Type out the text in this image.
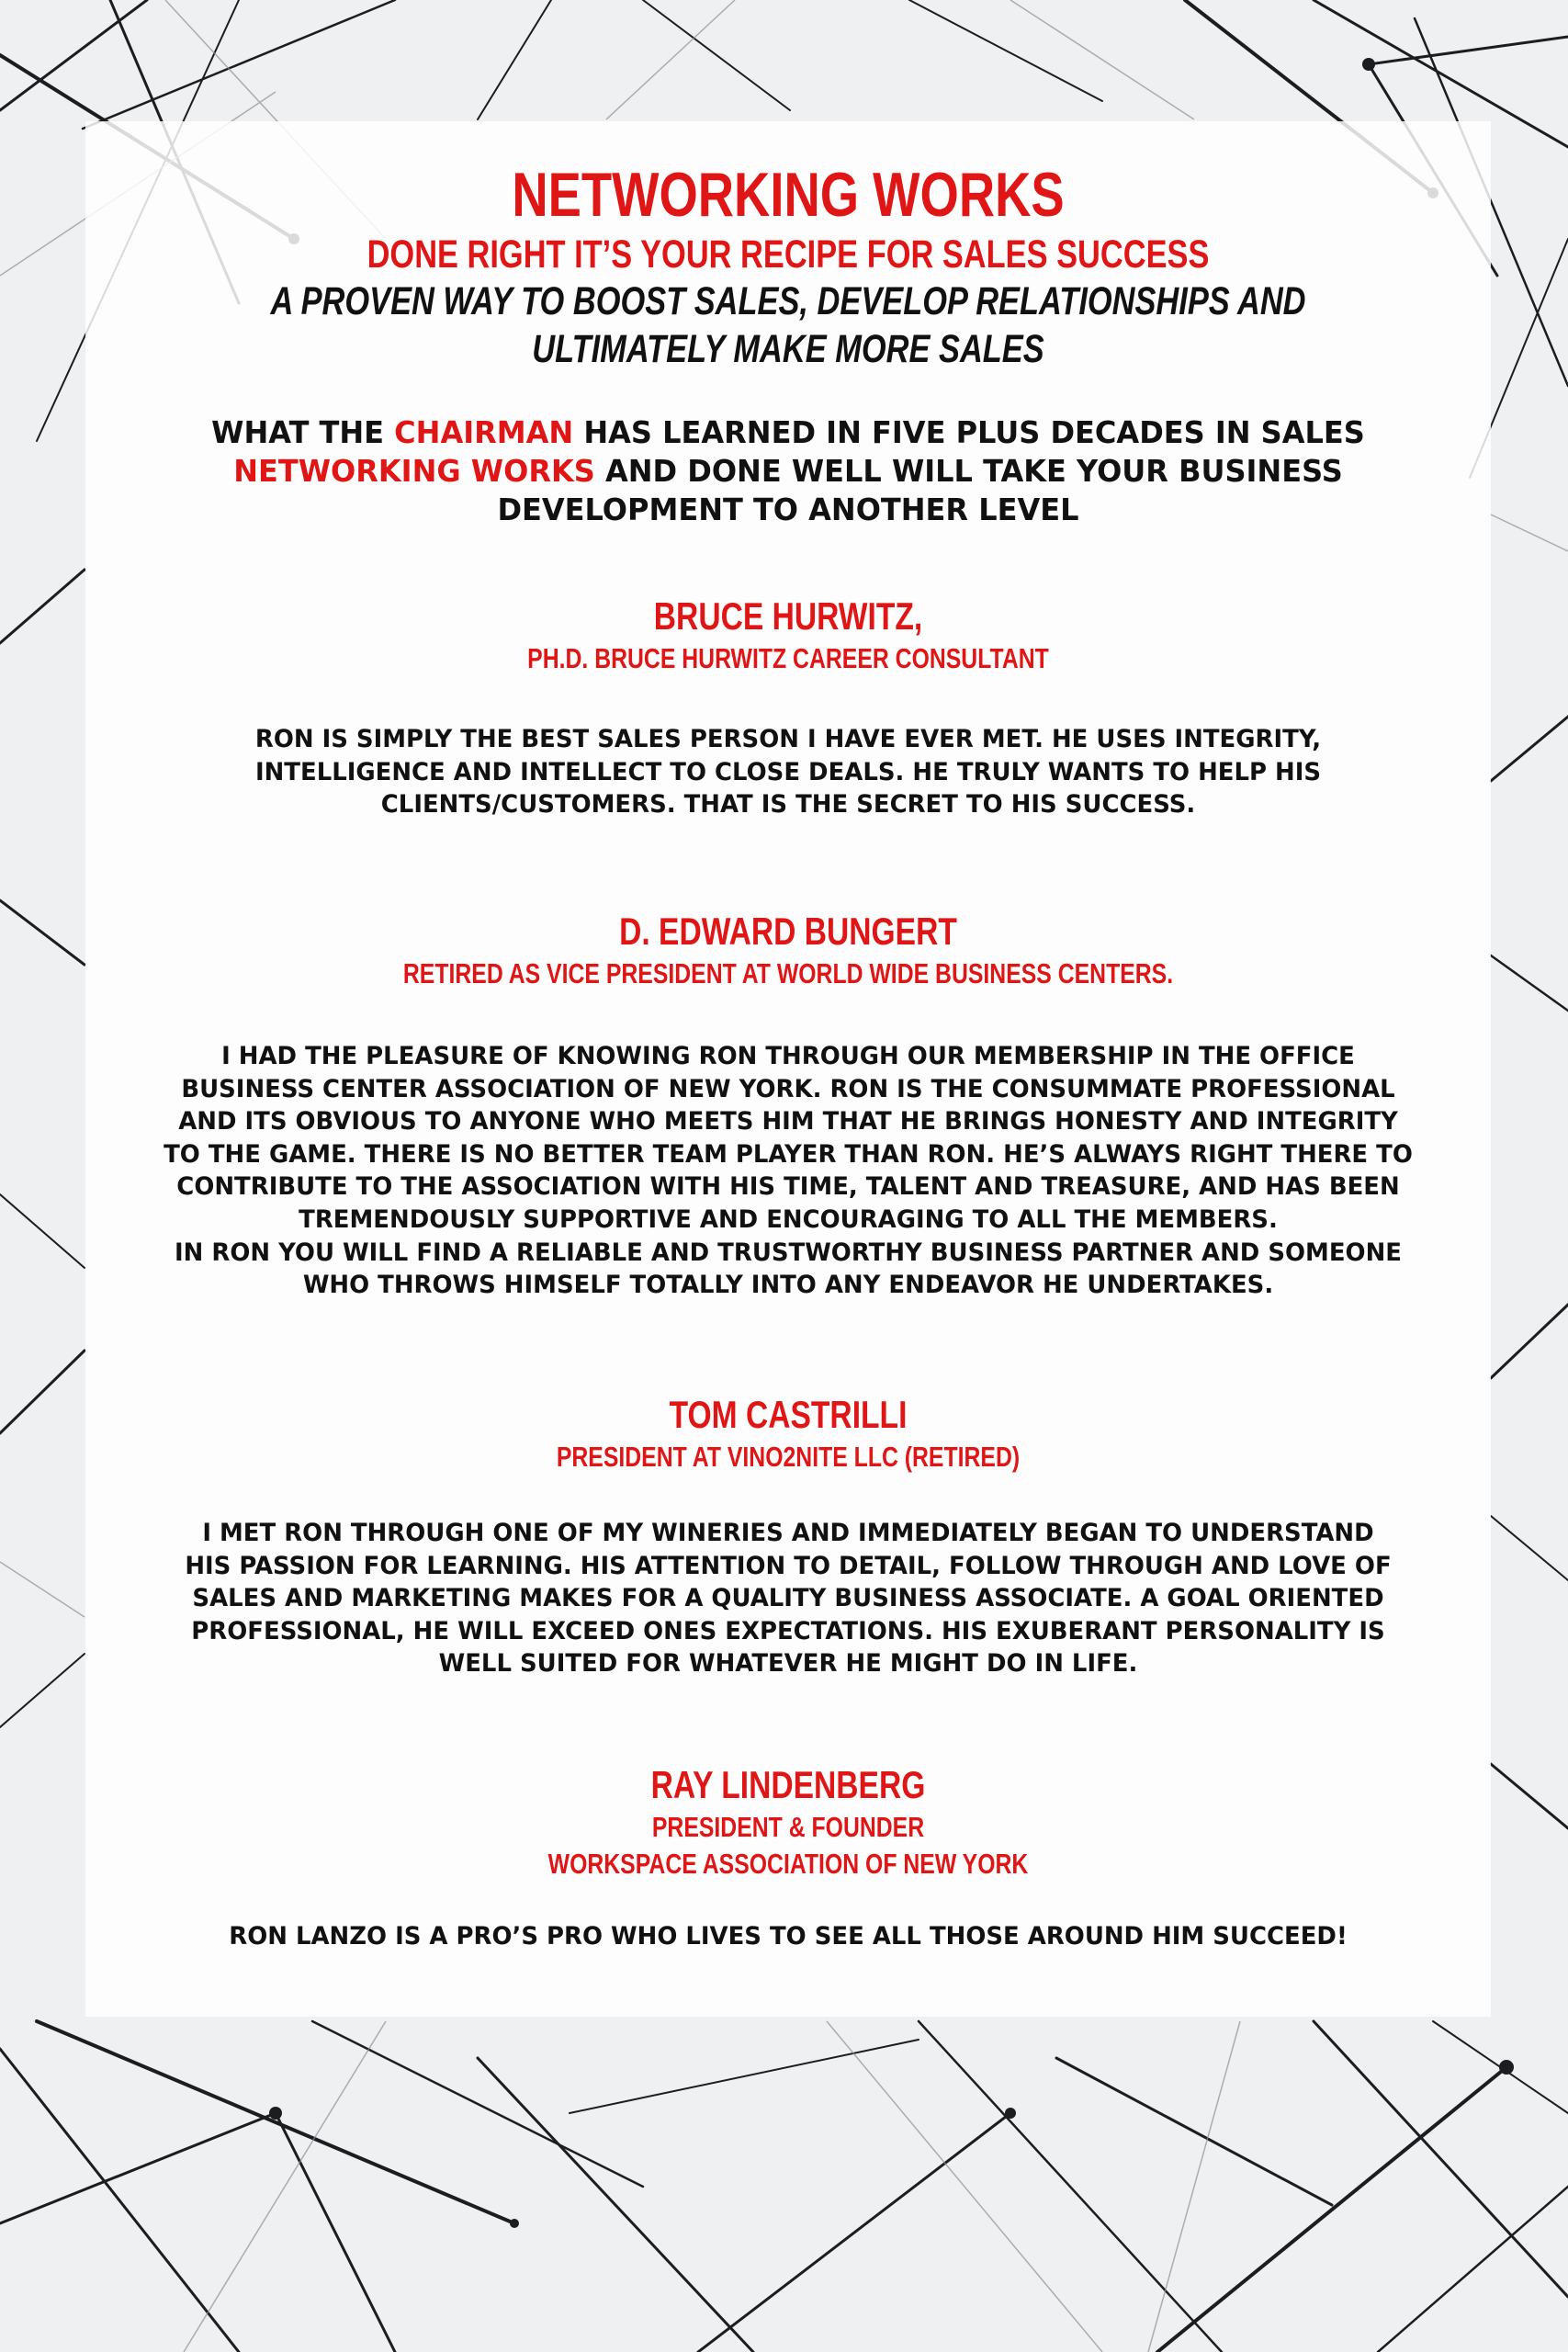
NETWORKING WORKS
DONE RIGHT IT’S YOUR RECIPE FOR SALES SUCCESS
A PROVEN WAY TO BOOST SALES, DEVELOP RELATIONSHIPS AND
ULTIMATELY MAKE MORE SALES
WHAT THE CHAIRMAN HAS LEARNED IN FIVE PLUS DECADES IN SALES
NETWORKING WORKS AND DONE WELL WILL TAKE YOUR BUSINESS
DEVELOPMENT TO ANOTHER LEVEL
BRUCE HURWITZ,
PH.D. BRUCE HURWITZ CAREER CONSULTANT
RON IS SIMPLY THE BEST SALES PERSON I HAVE EVER MET. HE USES INTEGRITY,
INTELLIGENCE AND INTELLECT TO CLOSE DEALS. HE TRULY WANTS TO HELP HIS
CLIENTS/CUSTOMERS. THAT IS THE SECRET TO HIS SUCCESS.
D. EDWARD BUNGERT
RETIRED AS VICE PRESIDENT AT WORLD WIDE BUSINESS CENTERS.
I HAD THE PLEASURE OF KNOWING RON THROUGH OUR MEMBERSHIP IN THE OFFICE
BUSINESS CENTER ASSOCIATION OF NEW YORK. RON IS THE CONSUMMATE PROFESSIONAL
AND ITS OBVIOUS TO ANYONE WHO MEETS HIM THAT HE BRINGS HONESTY AND INTEGRITY
TO THE GAME. THERE IS NO BETTER TEAM PLAYER THAN RON. HE’S ALWAYS RIGHT THERE TO
CONTRIBUTE TO THE ASSOCIATION WITH HIS TIME, TALENT AND TREASURE, AND HAS BEEN
TREMENDOUSLY SUPPORTIVE AND ENCOURAGING TO ALL THE MEMBERS.
IN RON YOU WILL FIND A RELIABLE AND TRUSTWORTHY BUSINESS PARTNER AND SOMEONE
WHO THROWS HIMSELF TOTALLY INTO ANY ENDEAVOR HE UNDERTAKES.
TOM CASTRILLI
PRESIDENT AT VINO2NITE LLC (RETIRED)
I MET RON THROUGH ONE OF MY WINERIES AND IMMEDIATELY BEGAN TO UNDERSTAND
HIS PASSION FOR LEARNING. HIS ATTENTION TO DETAIL, FOLLOW THROUGH AND LOVE OF
SALES AND MARKETING MAKES FOR A QUALITY BUSINESS ASSOCIATE. A GOAL ORIENTED
PROFESSIONAL, HE WILL EXCEED ONES EXPECTATIONS. HIS EXUBERANT PERSONALITY IS
WELL SUITED FOR WHATEVER HE MIGHT DO IN LIFE.
RAY LINDENBERG
PRESIDENT & FOUNDER
WORKSPACE ASSOCIATION OF NEW YORK
RON LANZO IS A PRO’S PRO WHO LIVES TO SEE ALL THOSE AROUND HIM SUCCEED!
